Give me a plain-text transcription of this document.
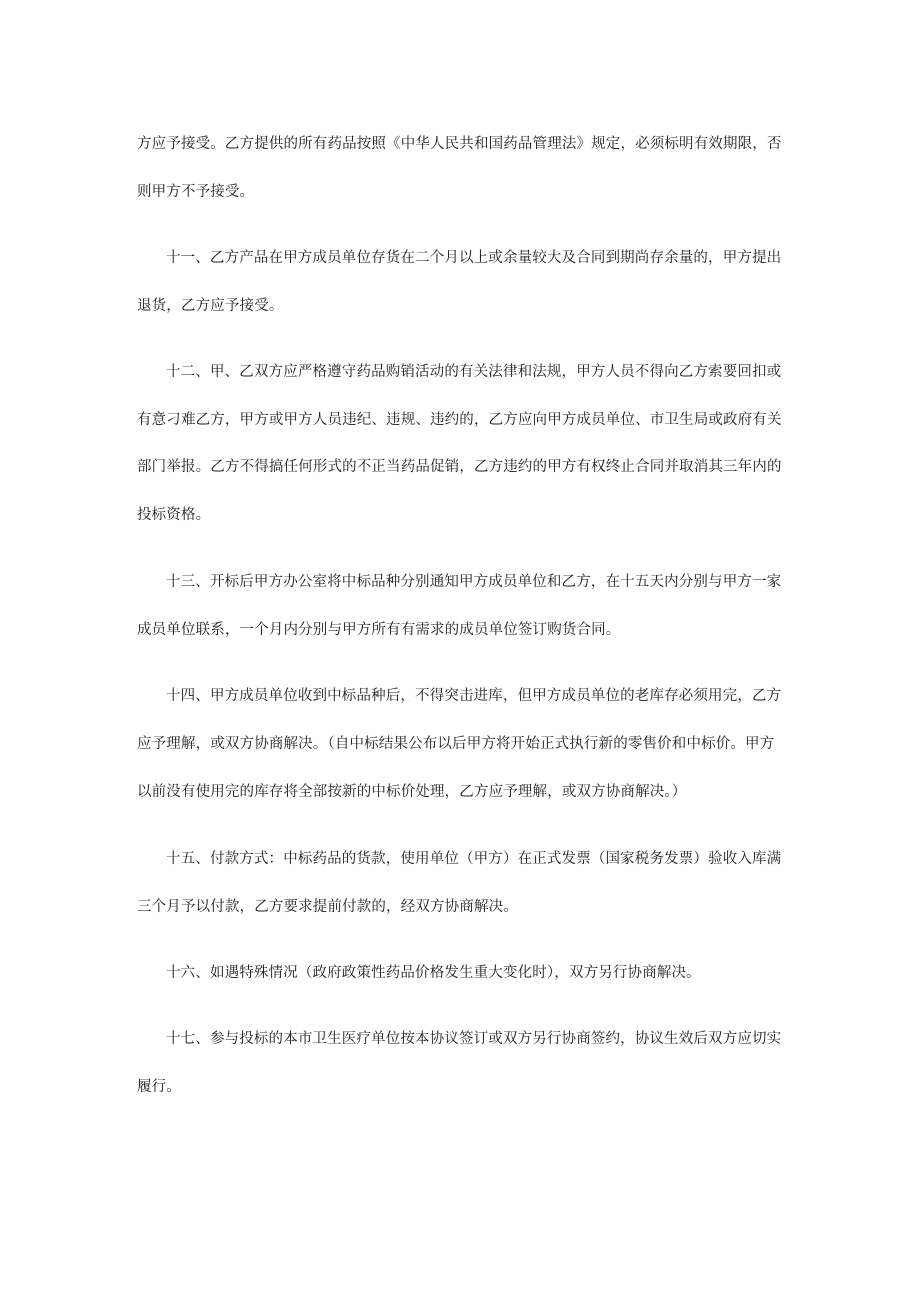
方应予接受。乙方提供的所有药品按照《中华人民共和国药品管理法》规定，必须标明有效期限，否
则甲方不予接受。
十一、乙方产品在甲方成员单位存货在二个月以上或余量较大及合同到期尚存余量的，甲方提出
退货，乙方应予接受。
十二、甲、乙双方应严格遵守药品购销活动的有关法律和法规，甲方人员不得向乙方索要回扣或
有意刁难乙方，甲方或甲方人员违纪、违规、违约的，乙方应向甲方成员单位、市卫生局或政府有关
部门举报。乙方不得搞任何形式的不正当药品促销，乙方违约的甲方有权终止合同并取消其三年内的
投标资格。
十三、开标后甲方办公室将中标品种分别通知甲方成员单位和乙方，在十五天内分别与甲方一家
成员单位联系，一个月内分别与甲方所有有需求的成员单位签订购货合同。
十四、甲方成员单位收到中标品种后，不得突击进库，但甲方成员单位的老库存必须用完，乙方
应予理解，或双方协商解决。（自中标结果公布以后甲方将开始正式执行新的零售价和中标价。甲方
以前没有使用完的库存将全部按新的中标价处理，乙方应予理解，或双方协商解决。）
十五、付款方式：中标药品的货款，使用单位（甲方）在正式发票（国家税务发票）验收入库满
三个月予以付款，乙方要求提前付款的，经双方协商解决。
十六、如遇特殊情况（政府政策性药品价格发生重大变化时），双方另行协商解决。
十七、参与投标的本市卫生医疗单位按本协议签订或双方另行协商签约，协议生效后双方应切实
履行。
